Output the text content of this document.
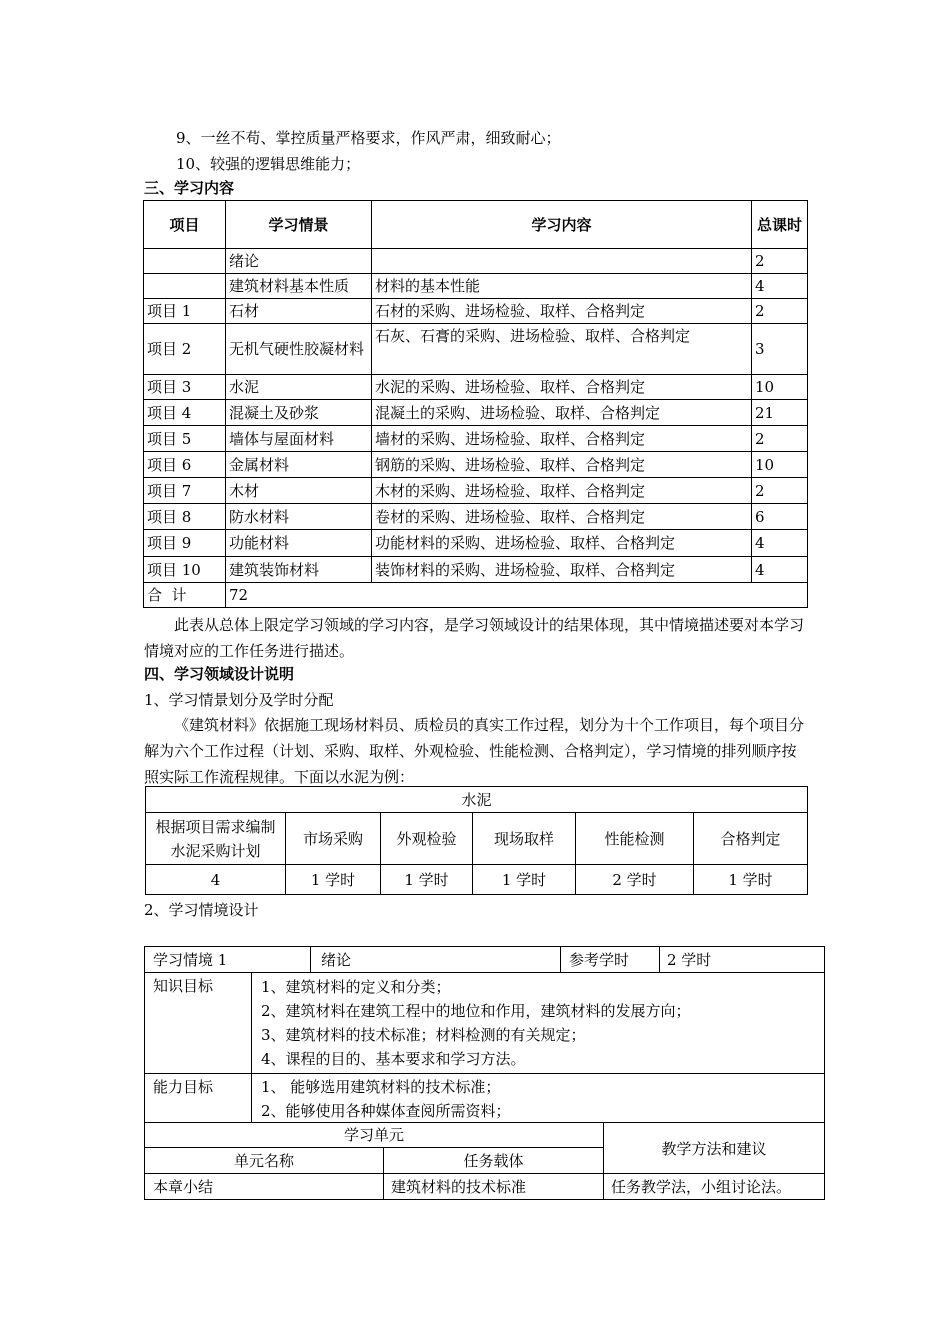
9、一丝不苟、掌控质量严格要求，作风严肃，细致耐心；
10、较强的逻辑思维能力；
三、学习内容
项目	学习情景	学习内容	总课时
	绪论		2
	建筑材料基本性质	材料的基本性能	4
项目 1	石材	石材的采购、进场检验、取样、合格判定	2
项目 2	无机气硬性胶凝材料	石灰、石膏的采购、进场检验、取样、合格判定	3
项目 3	水泥	水泥的采购、进场检验、取样、合格判定	10
项目 4	混凝土及砂浆	混凝土的采购、进场检验、取样、合格判定	21
项目 5	墙体与屋面材料	墙材的采购、进场检验、取样、合格判定	2
项目 6	金属材料	钢筋的采购、进场检验、取样、合格判定	10
项目 7	木材	木材的采购、进场检验、取样、合格判定	2
项目 8	防水材料	卷材的采购、进场检验、取样、合格判定	6
项目 9	功能材料	功能材料的采购、进场检验、取样、合格判定	4
项目 10	建筑装饰材料	装饰材料的采购、进场检验、取样、合格判定	4
合  计	72		
此表从总体上限定学习领域的学习内容，是学习领域设计的结果体现，其中情境描述要对本学习情境对应的工作任务进行描述。
四、学习领域设计说明
1、学习情景划分及学时分配
《建筑材料》依据施工现场材料员、质检员的真实工作过程，划分为十个工作项目，每个项目分解为六个工作过程（计划、采购、取样、外观检验、性能检测、合格判定），学习情境的排列顺序按照实际工作流程规律。下面以水泥为例：
水泥					
根据项目需求编制水泥采购计划	市场采购	外观检验	现场取样	性能检测	合格判定
4	1 学时	1 学时	1 学时	2 学时	1 学时
2、学习情境设计
学习情境 1	绪论	参考学时	2 学时
知识目标	1、建筑材料的定义和分类；
2、建筑材料在建筑工程中的地位和作用，建筑材料的发展方向；
3、建筑材料的技术标准；材料检测的有关规定；
4、课程的目的、基本要求和学习方法。
能力目标	1、 能够选用建筑材料的技术标准；
2、能够使用各种媒体查阅所需资料；
学习单元
教学方法和建议
单元名称	任务载体
本章小结	建筑材料的技术标准	任务教学法，小组讨论法。
